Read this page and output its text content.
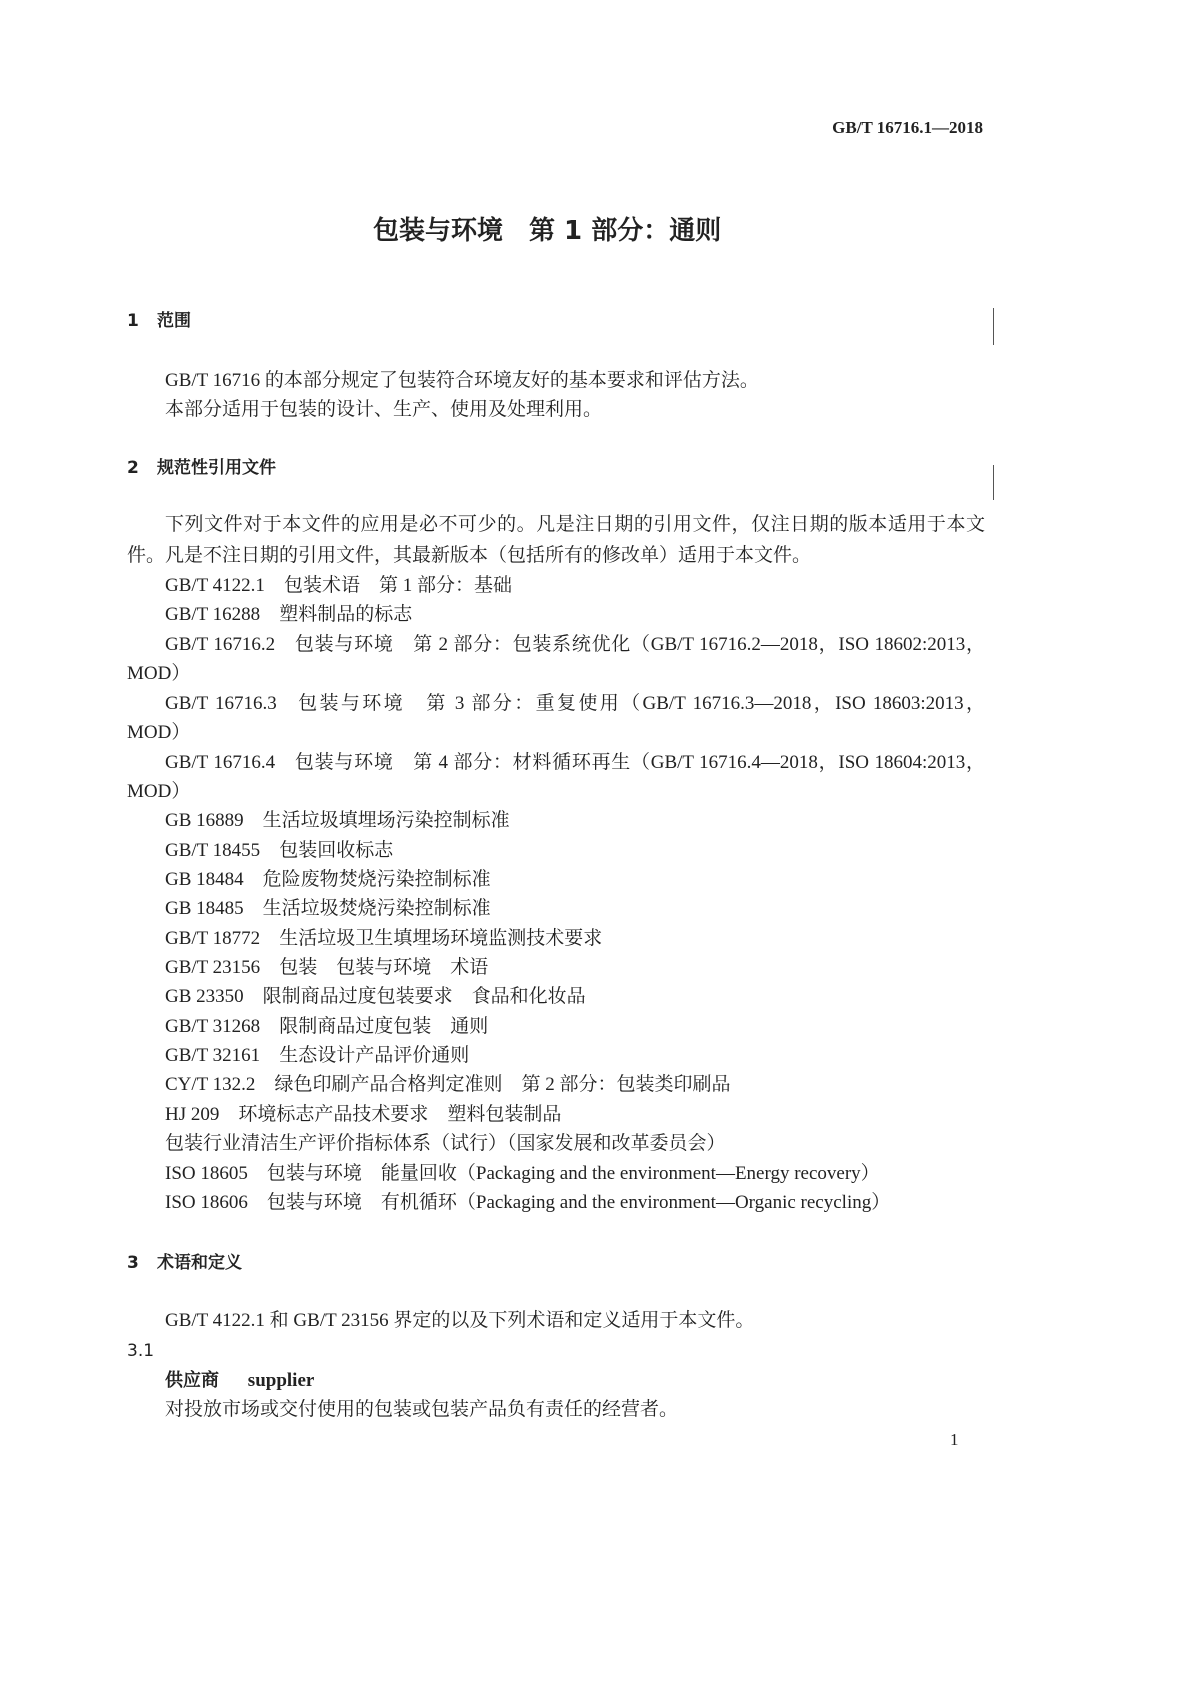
GB/T 16716.1—2018
包装与环境　第 1 部分：通则
1 范围
GB/T 16716 的本部分规定了包装符合环境友好的基本要求和评估方法。
本部分适用于包装的设计、生产、使用及处理利用。
2 规范性引用文件
下列文件对于本文件的应用是必不可少的。凡是注日期的引用文件，仅注日期的版本适用于本文
件。凡是不注日期的引用文件，其最新版本（包括所有的修改单）适用于本文件。
GB/T 4122.1 包装术语　第 1 部分：基础
GB/T 16288 塑料制品的标志
GB/T 16716.2 包装与环境　第 2 部分：包装系统优化（GB/T 16716.2—2018，ISO 18602:2013，
MOD）
GB/T 16716.3 包装与环境　第 3 部分：重复使用（GB/T 16716.3—2018，ISO 18603:2013，
MOD）
GB/T 16716.4 包装与环境　第 4 部分：材料循环再生（GB/T 16716.4—2018，ISO 18604:2013，
MOD）
GB 16889 生活垃圾填埋场污染控制标准
GB/T 18455 包装回收标志
GB 18484 危险废物焚烧污染控制标准
GB 18485 生活垃圾焚烧污染控制标准
GB/T 18772 生活垃圾卫生填埋场环境监测技术要求
GB/T 23156 包装　包装与环境　术语
GB 23350 限制商品过度包装要求　食品和化妆品
GB/T 31268 限制商品过度包装　通则
GB/T 32161 生态设计产品评价通则
CY/T 132.2 绿色印刷产品合格判定准则　第 2 部分：包装类印刷品
HJ 209 环境标志产品技术要求　塑料包装制品
包装行业清洁生产评价指标体系（试行）（国家发展和改革委员会）
ISO 18605 包装与环境　能量回收（Packaging and the environment—Energy recovery）
ISO 18606 包装与环境　有机循环（Packaging and the environment—Organic recycling）
3 术语和定义
GB/T 4122.1 和 GB/T 23156 界定的以及下列术语和定义适用于本文件。
3.1
供应商 supplier
对投放市场或交付使用的包装或包装产品负有责任的经营者。
1
